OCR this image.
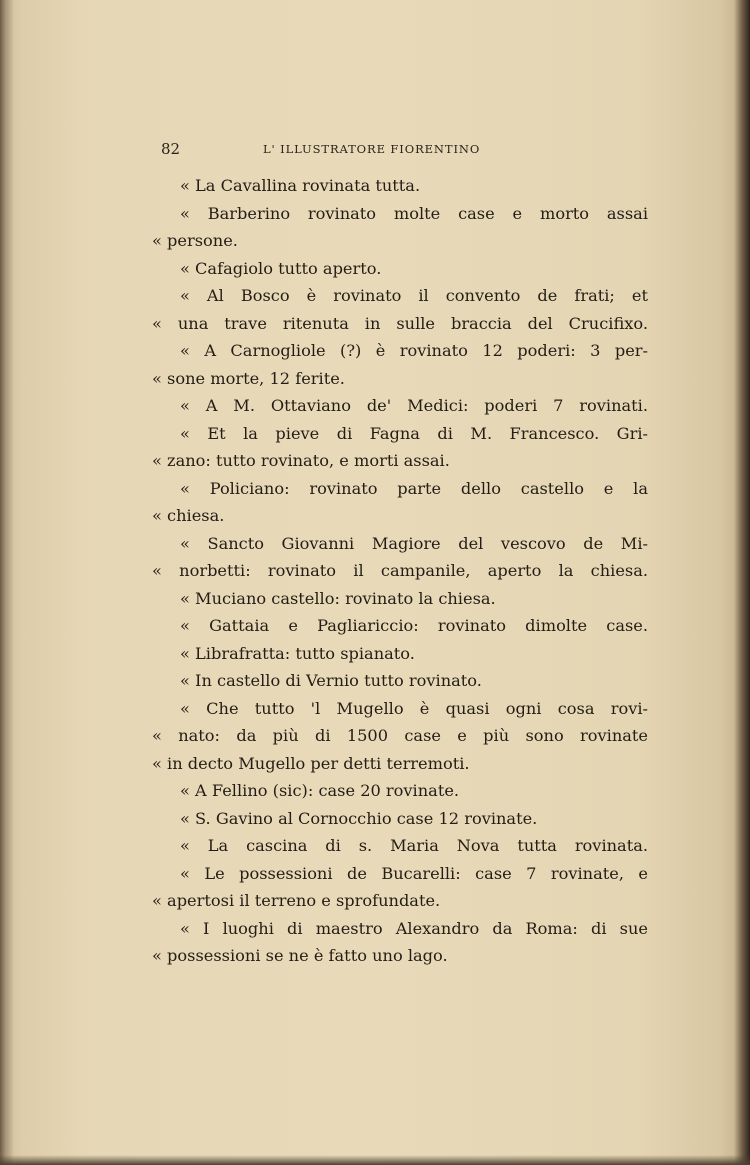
82	L' ILLUSTRATORE FIORENTINO
« La Cavallina rovinata tutta.
« Barberino rovinato molte case e morto assai
« persone.
« Cafagiolo tutto aperto.
« Al Bosco è rovinato il convento de frati; et
« una trave ritenuta in sulle braccia del Crucifixo.
« A Carnogliole (?) è rovinato 12 poderi: 3 per-
« sone morte, 12 ferite.
« A M. Ottaviano de' Medici: poderi 7 rovinati.
« Et la pieve di Fagna di M. Francesco. Gri-
« zano: tutto rovinato, e morti assai.
« Policiano: rovinato parte dello castello e la
« chiesa.
« Sancto Giovanni Magiore del vescovo de Mi-
« norbetti: rovinato il campanile, aperto la chiesa.
« Muciano castello: rovinato la chiesa.
« Gattaia e Pagliariccio: rovinato dimolte case.
« Librafratta: tutto spianato.
« In castello di Vernio tutto rovinato.
« Che tutto 'l Mugello è quasi ogni cosa rovi-
« nato: da più di 1500 case e più sono rovinate
« in decto Mugello per detti terremoti.
« A Fellino (sic): case 20 rovinate.
« S. Gavino al Cornocchio case 12 rovinate.
« La cascina di s. Maria Nova tutta rovinata.
« Le possessioni de Bucarelli: case 7 rovinate, e
« apertosi il terreno e sprofundate.
« I luoghi di maestro Alexandro da Roma: di sue
« possessioni se ne è fatto uno lago.
